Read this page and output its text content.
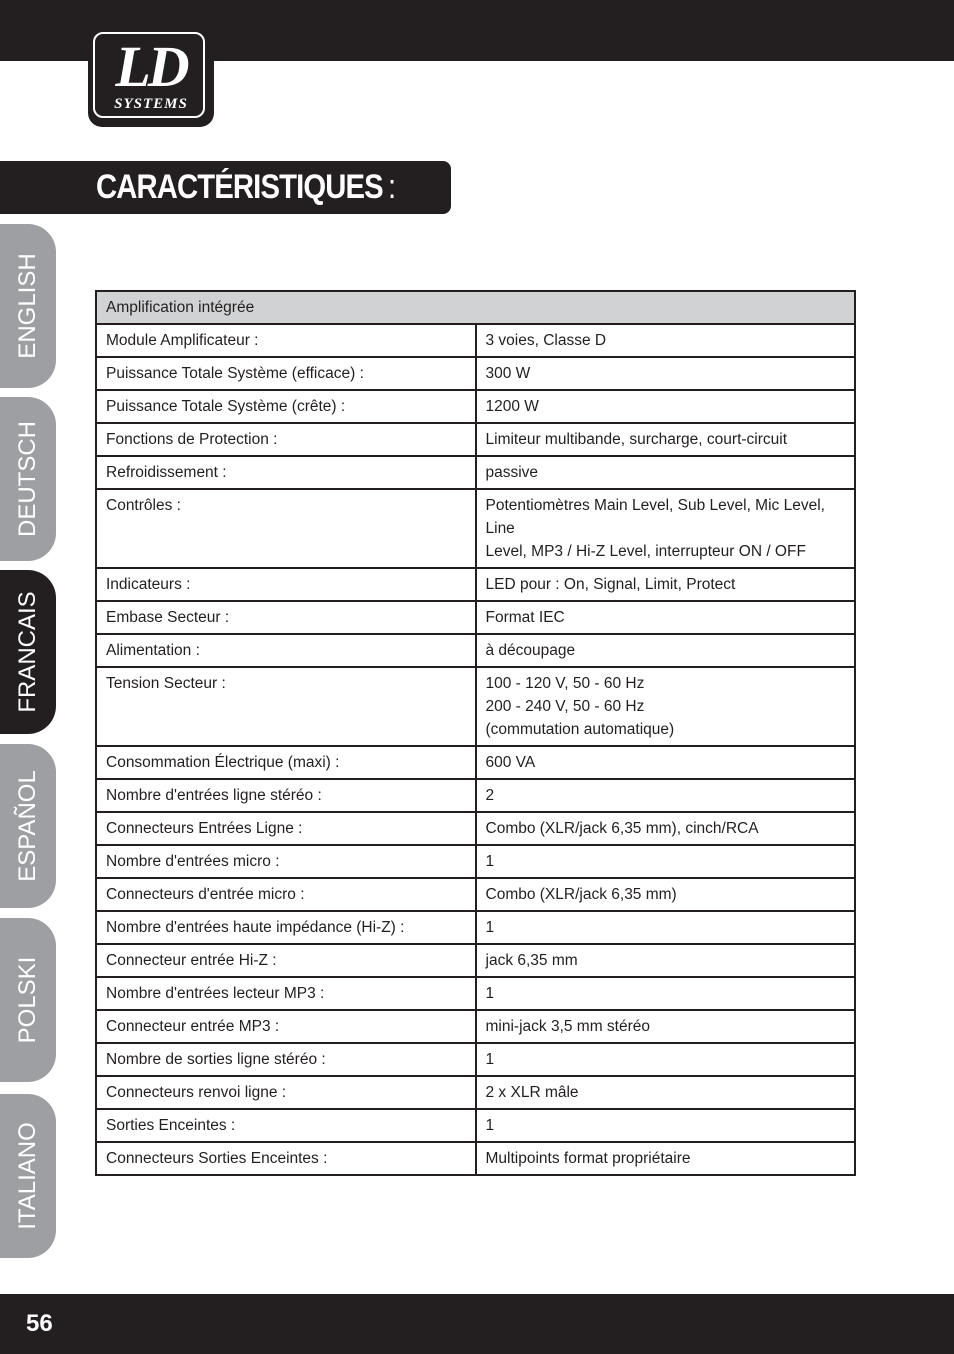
LD
SYSTEMS
CARACTÉRISTIQUES :
ENGLISH
DEUTSCH
FRANCAIS
ESPAÑOL
POLSKI
ITALIANO
Amplification intégrée	
Module Amplificateur :	3 voies, Classe D

Puissance Totale Système (efficace) :	300 W

Puissance Totale Système (crête) :	1200 W

Fonctions de Protection :	Limiteur multibande, surcharge, court-circuit

Refroidissement :	passive

Contrôles :	Potentiomètres Main Level, Sub Level, Mic Level, Line
Level, MP3 / Hi-Z Level, interrupteur ON / OFF

Indicateurs :	LED pour : On, Signal, Limit, Protect

Embase Secteur :	Format IEC

Alimentation :	à découpage

Tension Secteur :	100 - 120 V, 50 - 60 Hz
200 - 240 V, 50 - 60 Hz
(commutation automatique)

Consommation Électrique (maxi) :	600 VA

Nombre d'entrées ligne stéréo :	2

Connecteurs Entrées Ligne :	Combo (XLR/jack 6,35 mm), cinch/RCA

Nombre d'entrées micro :	1

Connecteurs d'entrée micro :	Combo (XLR/jack 6,35 mm)

Nombre d'entrées haute impédance (Hi-Z) :	1

Connecteur entrée Hi-Z :	jack 6,35 mm

Nombre d'entrées lecteur MP3 :	1

Connecteur entrée MP3 :	mini-jack 3,5 mm stéréo

Nombre de sorties ligne stéréo :	1

Connecteurs renvoi ligne :	2 x XLR mâle

Sorties Enceintes :	1

Connecteurs Sorties Enceintes :	Multipoints format propriétaire
56
